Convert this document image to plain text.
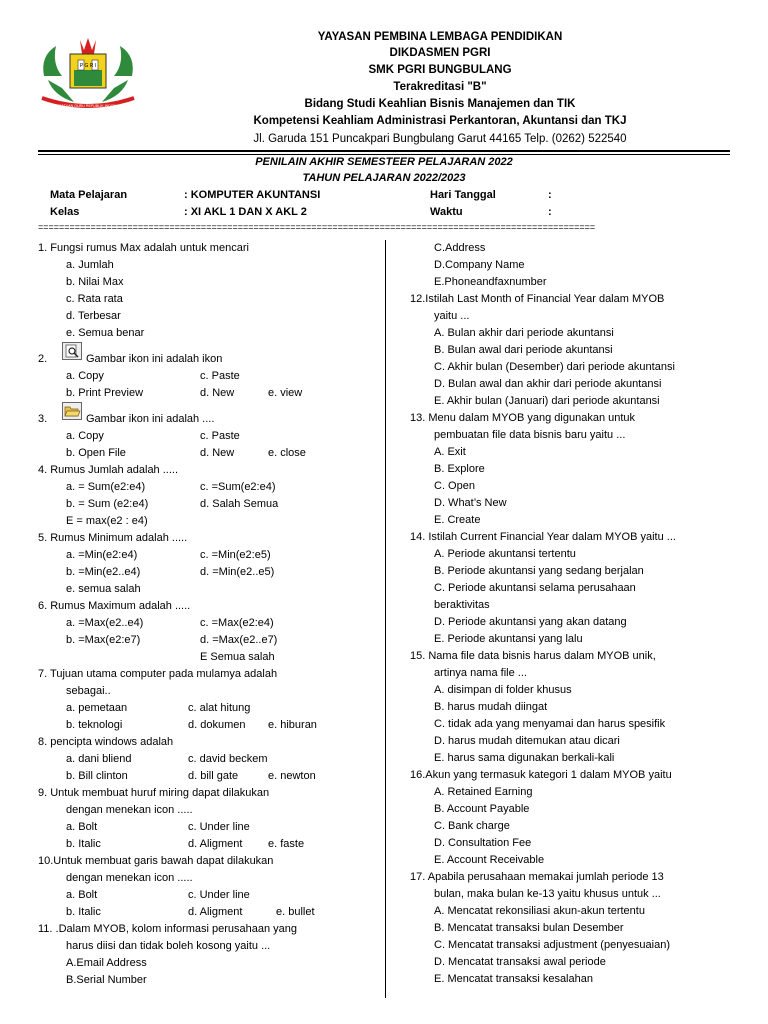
P G R I
PERSATUAN GURU REPUBLIK INDONESIA
YAYASAN PEMBINA LEMBAGA PENDIDIKAN
DIKDASMEN PGRI
SMK PGRI BUNGBULANG
Terakreditasi "B"
Bidang Studi Keahlian Bisnis Manajemen dan TIK
Kompetensi Keahliam Administrasi Perkantoran, Akuntansi dan TKJ
Jl. Garuda 151 Puncakpari Bungbulang Garut 44165 Telp. (0262) 522540
PENILAIN AKHIR SEMESTEER PELAJARAN 2022
TAHUN PELAJARAN 2022/2023
Mata Pelajaran	: KOMPUTER AKUNTANSI	Hari Tanggal	:
Kelas	: XI AKL 1 DAN X AKL 2	Waktu	:
==========================================================================================================
1. Fungsi rumus Max adalah untuk mencari
a. Jumlah
b. Nilai Max
c. Rata rata
d. Terbesar
e. Semua benar
2.	Gambar ikon ini adalah ikon
a. Copy	c. Paste
b. Print Preview	d. New	e. view
3.	Gambar ikon ini adalah ....
a. Copy	c. Paste
b. Open File	d. New	e. close
4. Rumus Jumlah adalah .....
a. = Sum(e2:e4)	c. =Sum(e2:e4)
b. = Sum (e2:e4)	d. Salah Semua
E = max(e2 : e4)
5. Rumus Minimum adalah .....
a. =Min(e2:e4)	c. =Min(e2:e5)
b. =Min(e2..e4)	d. =Min(e2..e5)
e. semua salah
6. Rumus Maximum adalah .....
a. =Max(e2..e4)	c. =Max(e2:e4)
b. =Max(e2:e7)	d. =Max(e2..e7)
E Semua salah
7. Tujuan utama computer pada mulamya adalah
sebagai..
a. pemetaan	c. alat hitung
b. teknologi	d. dokumen e. hiburan
8. pencipta windows adalah
a. dani bliend	c. david beckem
b. Bill clinton	d. bill gate	e. newton
9. Untuk membuat huruf miring dapat dilakukan
dengan menekan icon .....
a. Bolt	c. Under line
b. Italic	d. Aligment e. faste
10.Untuk membuat garis bawah dapat dilakukan
dengan menekan icon .....
a. Bolt	c. Under line
b. Italic	d. Aligment	e. bullet
11. .Dalam MYOB, kolom informasi perusahaan yang
harus diisi dan tidak boleh kosong yaitu ...
A.Email Address
B.Serial Number
C.Address
D.Company Name
E.Phoneandfaxnumber
12.Istilah Last Month of Financial Year dalam MYOB
yaitu ...
A. Bulan akhir dari periode akuntansi
B. Bulan awal dari periode akuntansi
C. Akhir bulan (Desember) dari periode akuntansi
D. Bulan awal dan akhir dari periode akuntansi
E. Akhir bulan (Januari) dari periode akuntansi
13. Menu dalam MYOB yang digunakan untuk
pembuatan file data bisnis baru yaitu ...
A. Exit
B. Explore
C. Open
D. What’s New
E. Create
14. Istilah Current Financial Year dalam MYOB yaitu ...
A. Periode akuntansi tertentu
B. Periode akuntansi yang sedang berjalan
C. Periode akuntansi selama perusahaan
beraktivitas
D. Periode akuntansi yang akan datang
E. Periode akuntansi yang lalu
15. Nama file data bisnis harus dalam MYOB unik,
artinya nama file ...
A. disimpan di folder khusus
B. harus mudah diingat
C. tidak ada yang menyamai dan harus spesifik
D. harus mudah ditemukan atau dicari
E. harus sama digunakan berkali-kali
16.Akun yang termasuk kategori 1 dalam MYOB yaitu
A. Retained Earning
B. Account Payable
C. Bank charge
D. Consultation Fee
E. Account Receivable
17. Apabila perusahaan memakai jumlah periode 13
bulan, maka bulan ke-13 yaitu khusus untuk ...
A. Mencatat rekonsiliasi akun-akun tertentu
B. Mencatat transaksi bulan Desember
C. Mencatat transaksi adjustment (penyesuaian)
D. Mencatat transaksi awal periode
E. Mencatat transaksi kesalahan
